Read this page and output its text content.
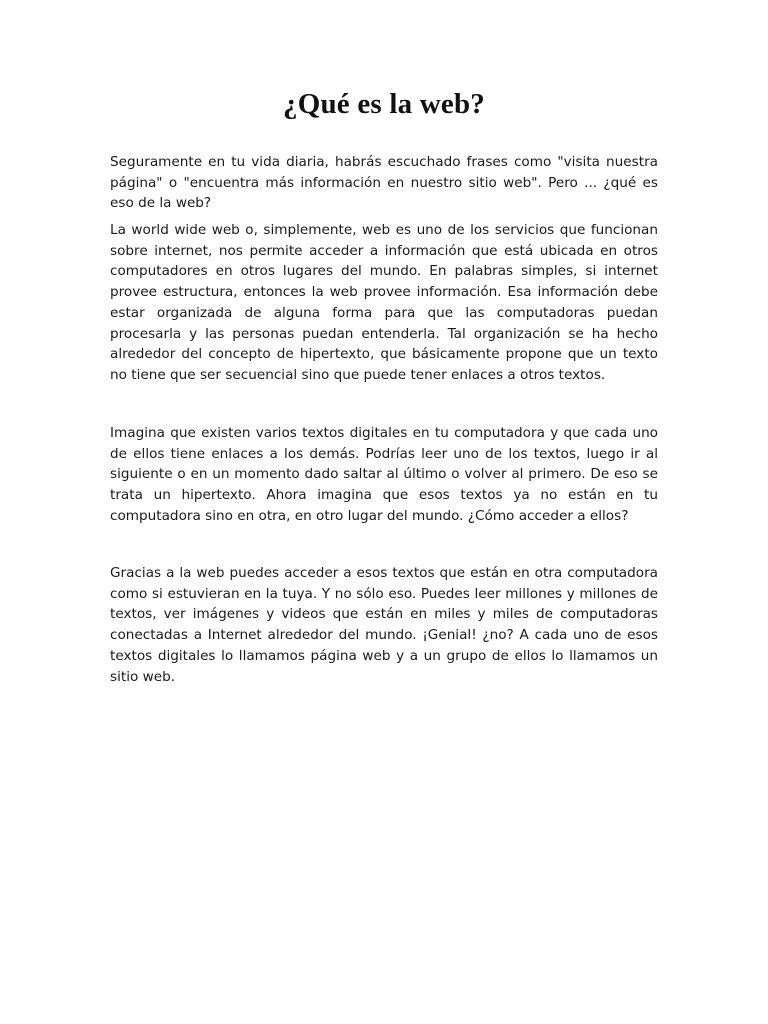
¿Qué es la web?

Seguramente en tu vida diaria, habrás escuchado frases como "visita nuestra página" o "encuentra más información en nuestro sitio web". Pero ... ¿qué es eso de la web?

La world wide web o, simplemente, web es uno de los servicios que funcionan sobre internet, nos permite acceder a información que está ubicada en otros computadores en otros lugares del mundo. En palabras simples, si internet provee estructura, entonces la web provee información. Esa información debe estar organizada de alguna forma para que las computadoras puedan procesarla y las personas puedan entenderla. Tal organización se ha hecho alrededor del concepto de hipertexto, que básicamente propone que un texto no tiene que ser secuencial sino que puede tener enlaces a otros textos.

Imagina que existen varios textos digitales en tu computadora y que cada uno de ellos tiene enlaces a los demás. Podrías leer uno de los textos, luego ir al siguiente o en un momento dado saltar al último o volver al primero. De eso se trata un hipertexto. Ahora imagina que esos textos ya no están en tu computadora sino en otra, en otro lugar del mundo. ¿Cómo acceder a ellos?

Gracias a la web puedes acceder a esos textos que están en otra computadora como si estuvieran en la tuya. Y no sólo eso. Puedes leer millones y millones de textos, ver imágenes y videos que están en miles y miles de computadoras conectadas a Internet alrededor del mundo. ¡Genial! ¿no? A cada uno de esos textos digitales lo llamamos página web y a un grupo de ellos lo llamamos un sitio web.
